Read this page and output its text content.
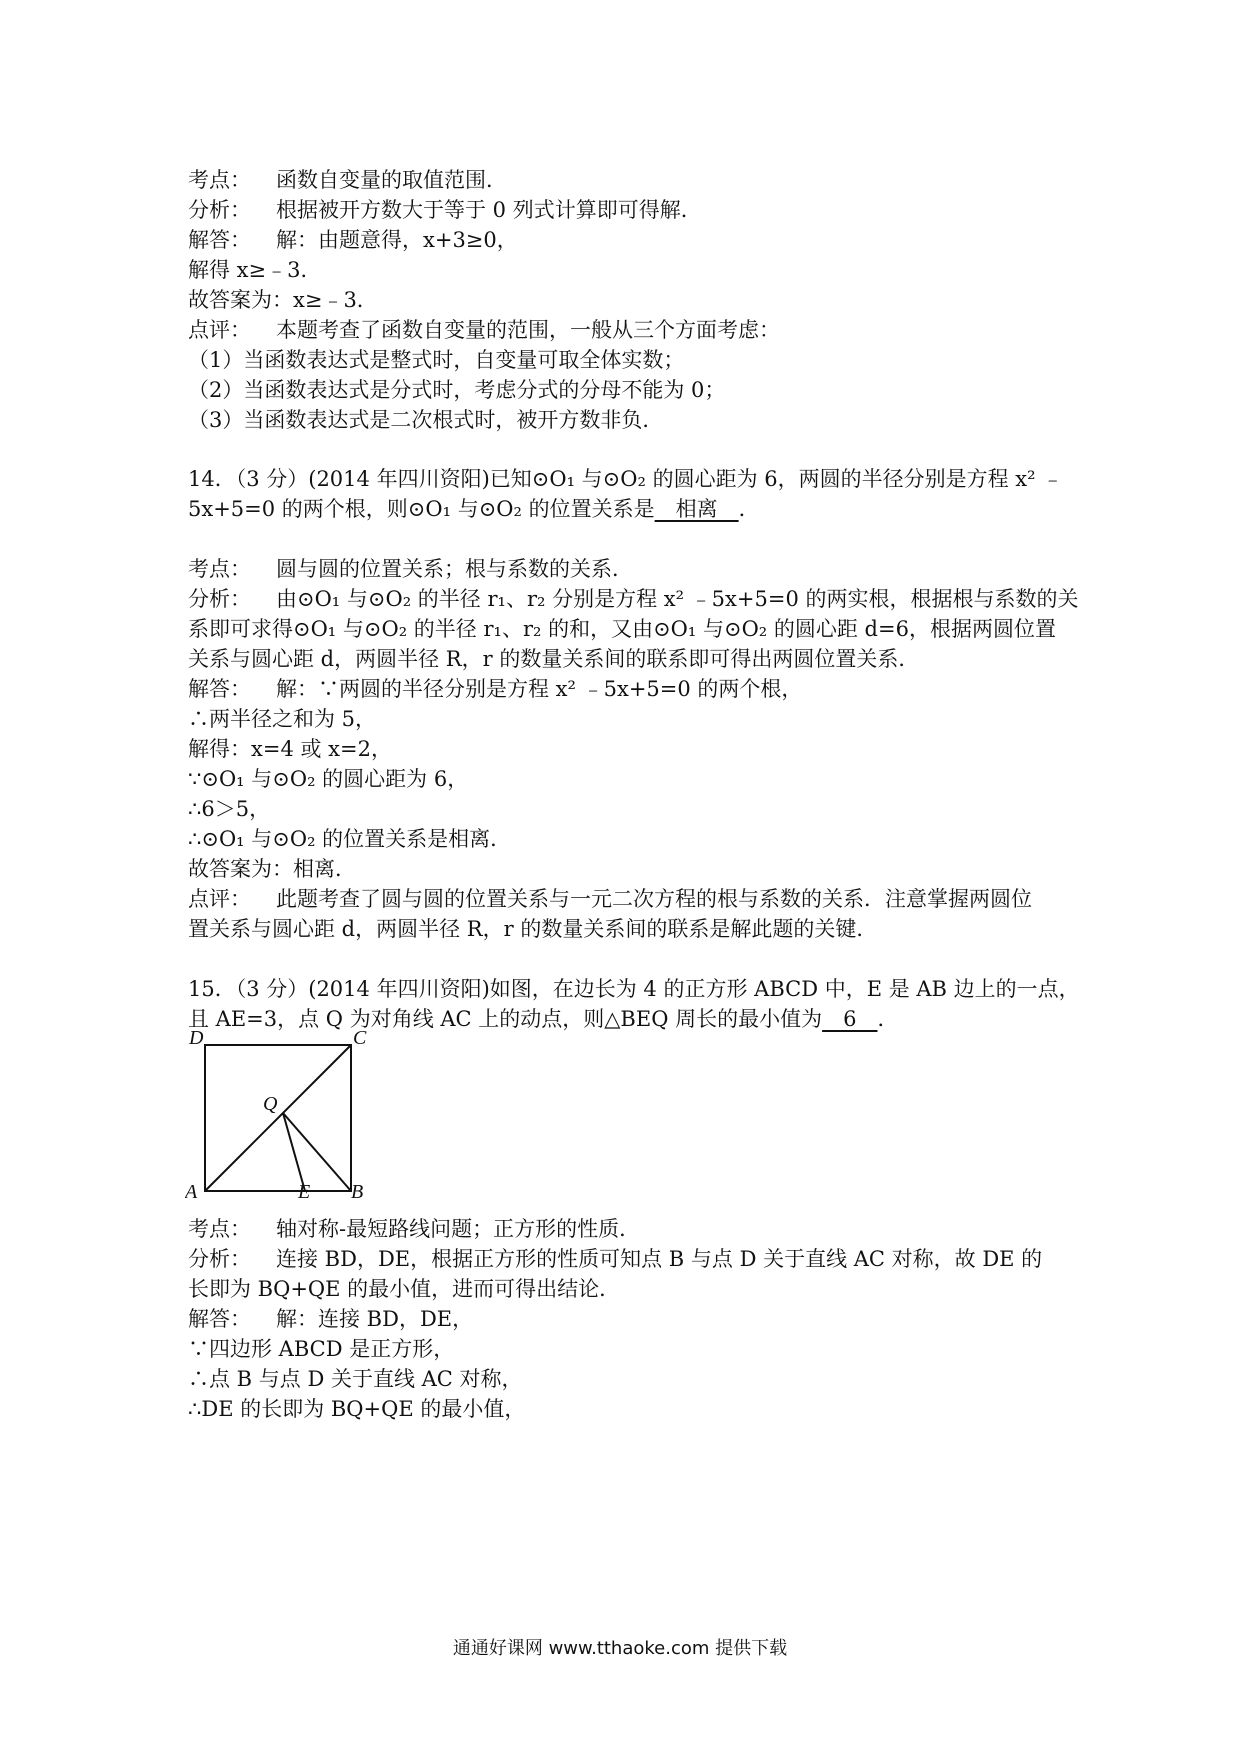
考点： 函数自变量的取值范围．
分析： 根据被开方数大于等于 0 列式计算即可得解．
解答： 解：由题意得，x+3≥0，
解得 x≥﹣3．
故答案为：x≥﹣3．
点评： 本题考查了函数自变量的范围，一般从三个方面考虑：
（1）当函数表达式是整式时，自变量可取全体实数；
（2）当函数表达式是分式时，考虑分式的分母不能为 0；
（3）当函数表达式是二次根式时，被开方数非负．
14．（3 分）(2014 年四川资阳)已知⊙O₁ 与⊙O₂ 的圆心距为 6，两圆的半径分别是方程 x² ﹣
5x+5=0 的两个根，则⊙O₁ 与⊙O₂ 的位置关系是　相离　．
考点： 圆与圆的位置关系；根与系数的关系．
分析： 由⊙O₁ 与⊙O₂ 的半径 r₁、r₂ 分别是方程 x² ﹣5x+5=0 的两实根，根据根与系数的关
系即可求得⊙O₁ 与⊙O₂ 的半径 r₁、r₂ 的和，又由⊙O₁ 与⊙O₂ 的圆心距 d=6，根据两圆位置
关系与圆心距 d，两圆半径 R，r 的数量关系间的联系即可得出两圆位置关系．
解答： 解：∵两圆的半径分别是方程 x² ﹣5x+5=0 的两个根，
∴两半径之和为 5，
解得：x=4 或 x=2，
∵⊙O₁ 与⊙O₂ 的圆心距为 6，
∴6＞5，
∴⊙O₁ 与⊙O₂ 的位置关系是相离．
故答案为：相离．
点评： 此题考查了圆与圆的位置关系与一元二次方程的根与系数的关系．注意掌握两圆位
置关系与圆心距 d，两圆半径 R，r 的数量关系间的联系是解此题的关键．
15．（3 分）(2014 年四川资阳)如图，在边长为 4 的正方形 ABCD 中，E 是 AB 边上的一点，
且 AE=3，点 Q 为对角线 AC 上的动点，则△BEQ 周长的最小值为　6　．
D	C
Q
A	E B
考点： 轴对称-最短路线问题；正方形的性质．
分析： 连接 BD，DE，根据正方形的性质可知点 B 与点 D 关于直线 AC 对称，故 DE 的
长即为 BQ+QE 的最小值，进而可得出结论．
解答： 解：连接 BD，DE，
∵四边形 ABCD 是正方形，
∴点 B 与点 D 关于直线 AC 对称，
∴DE 的长即为 BQ+QE 的最小值，
通通好课网 www.tthaoke.com 提供下载
